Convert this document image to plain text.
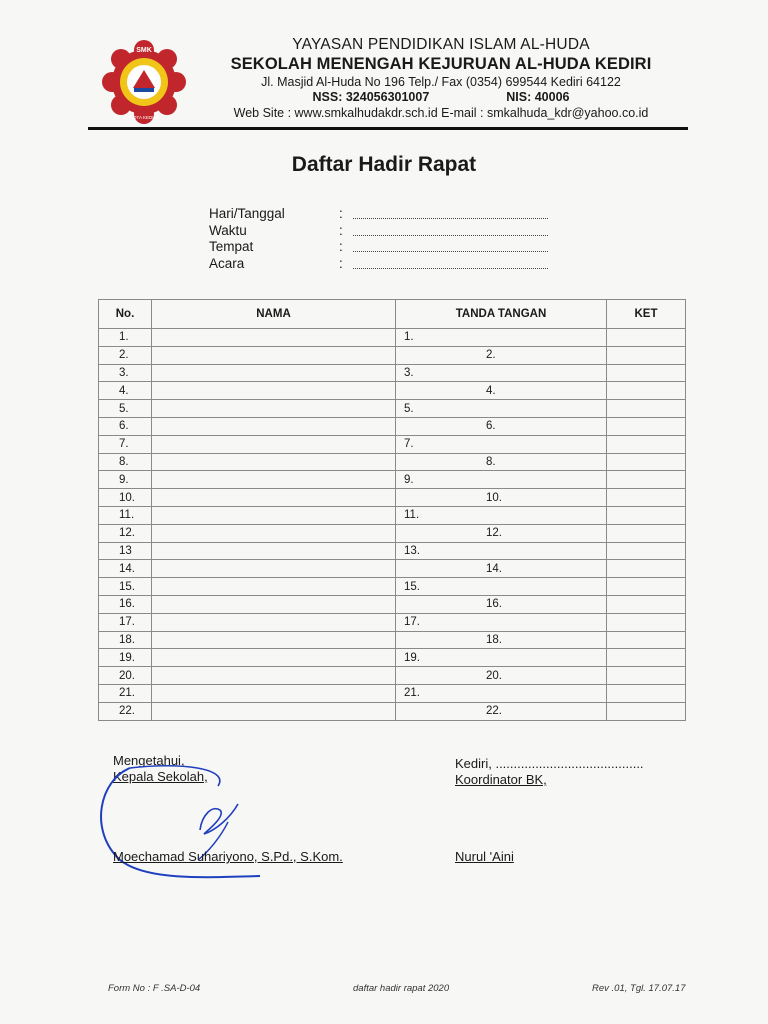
SMK
KOTA KEDIRI
YAYASAN PENDIDIKAN ISLAM AL-HUDA
SEKOLAH MENENGAH KEJURUAN AL-HUDA KEDIRI
Jl. Masjid Al-Huda No 196 Telp./ Fax (0354) 699544 Kediri 64122
NSS: 324056301007	NIS: 40006
Web Site : www.smkalhudakdr.sch.id E-mail : smkalhuda_kdr@yahoo.co.id
Daftar Hadir Rapat
Hari/Tanggal	:
Waktu	:
Tempat	:
Acara	:
No.	NAMA	TANDA TANGAN	KET
1.		1.	
2.		2.	
3.		3.	
4.		4.	
5.		5.	
6.		6.	
7.		7.	
8.		8.	
9.		9.	
10.		10.	
11.		11.	
12.		12.	
13		13.	
14.		14.	
15.		15.	
16.		16.	
17.		17.	
18.		18.	
19.		19.	
20.		20.	
21.		21.	
22.		22.	
Mengetahui,
Kepala Sekolah,
Moechamad Suhariyono, S.Pd., S.Kom.
Kediri, .........................................
Koordinator BK,
Nurul 'Aini
Form No : F .SA-D-04	daftar hadir rapat 2020	Rev .01, Tgl. 17.07.17
